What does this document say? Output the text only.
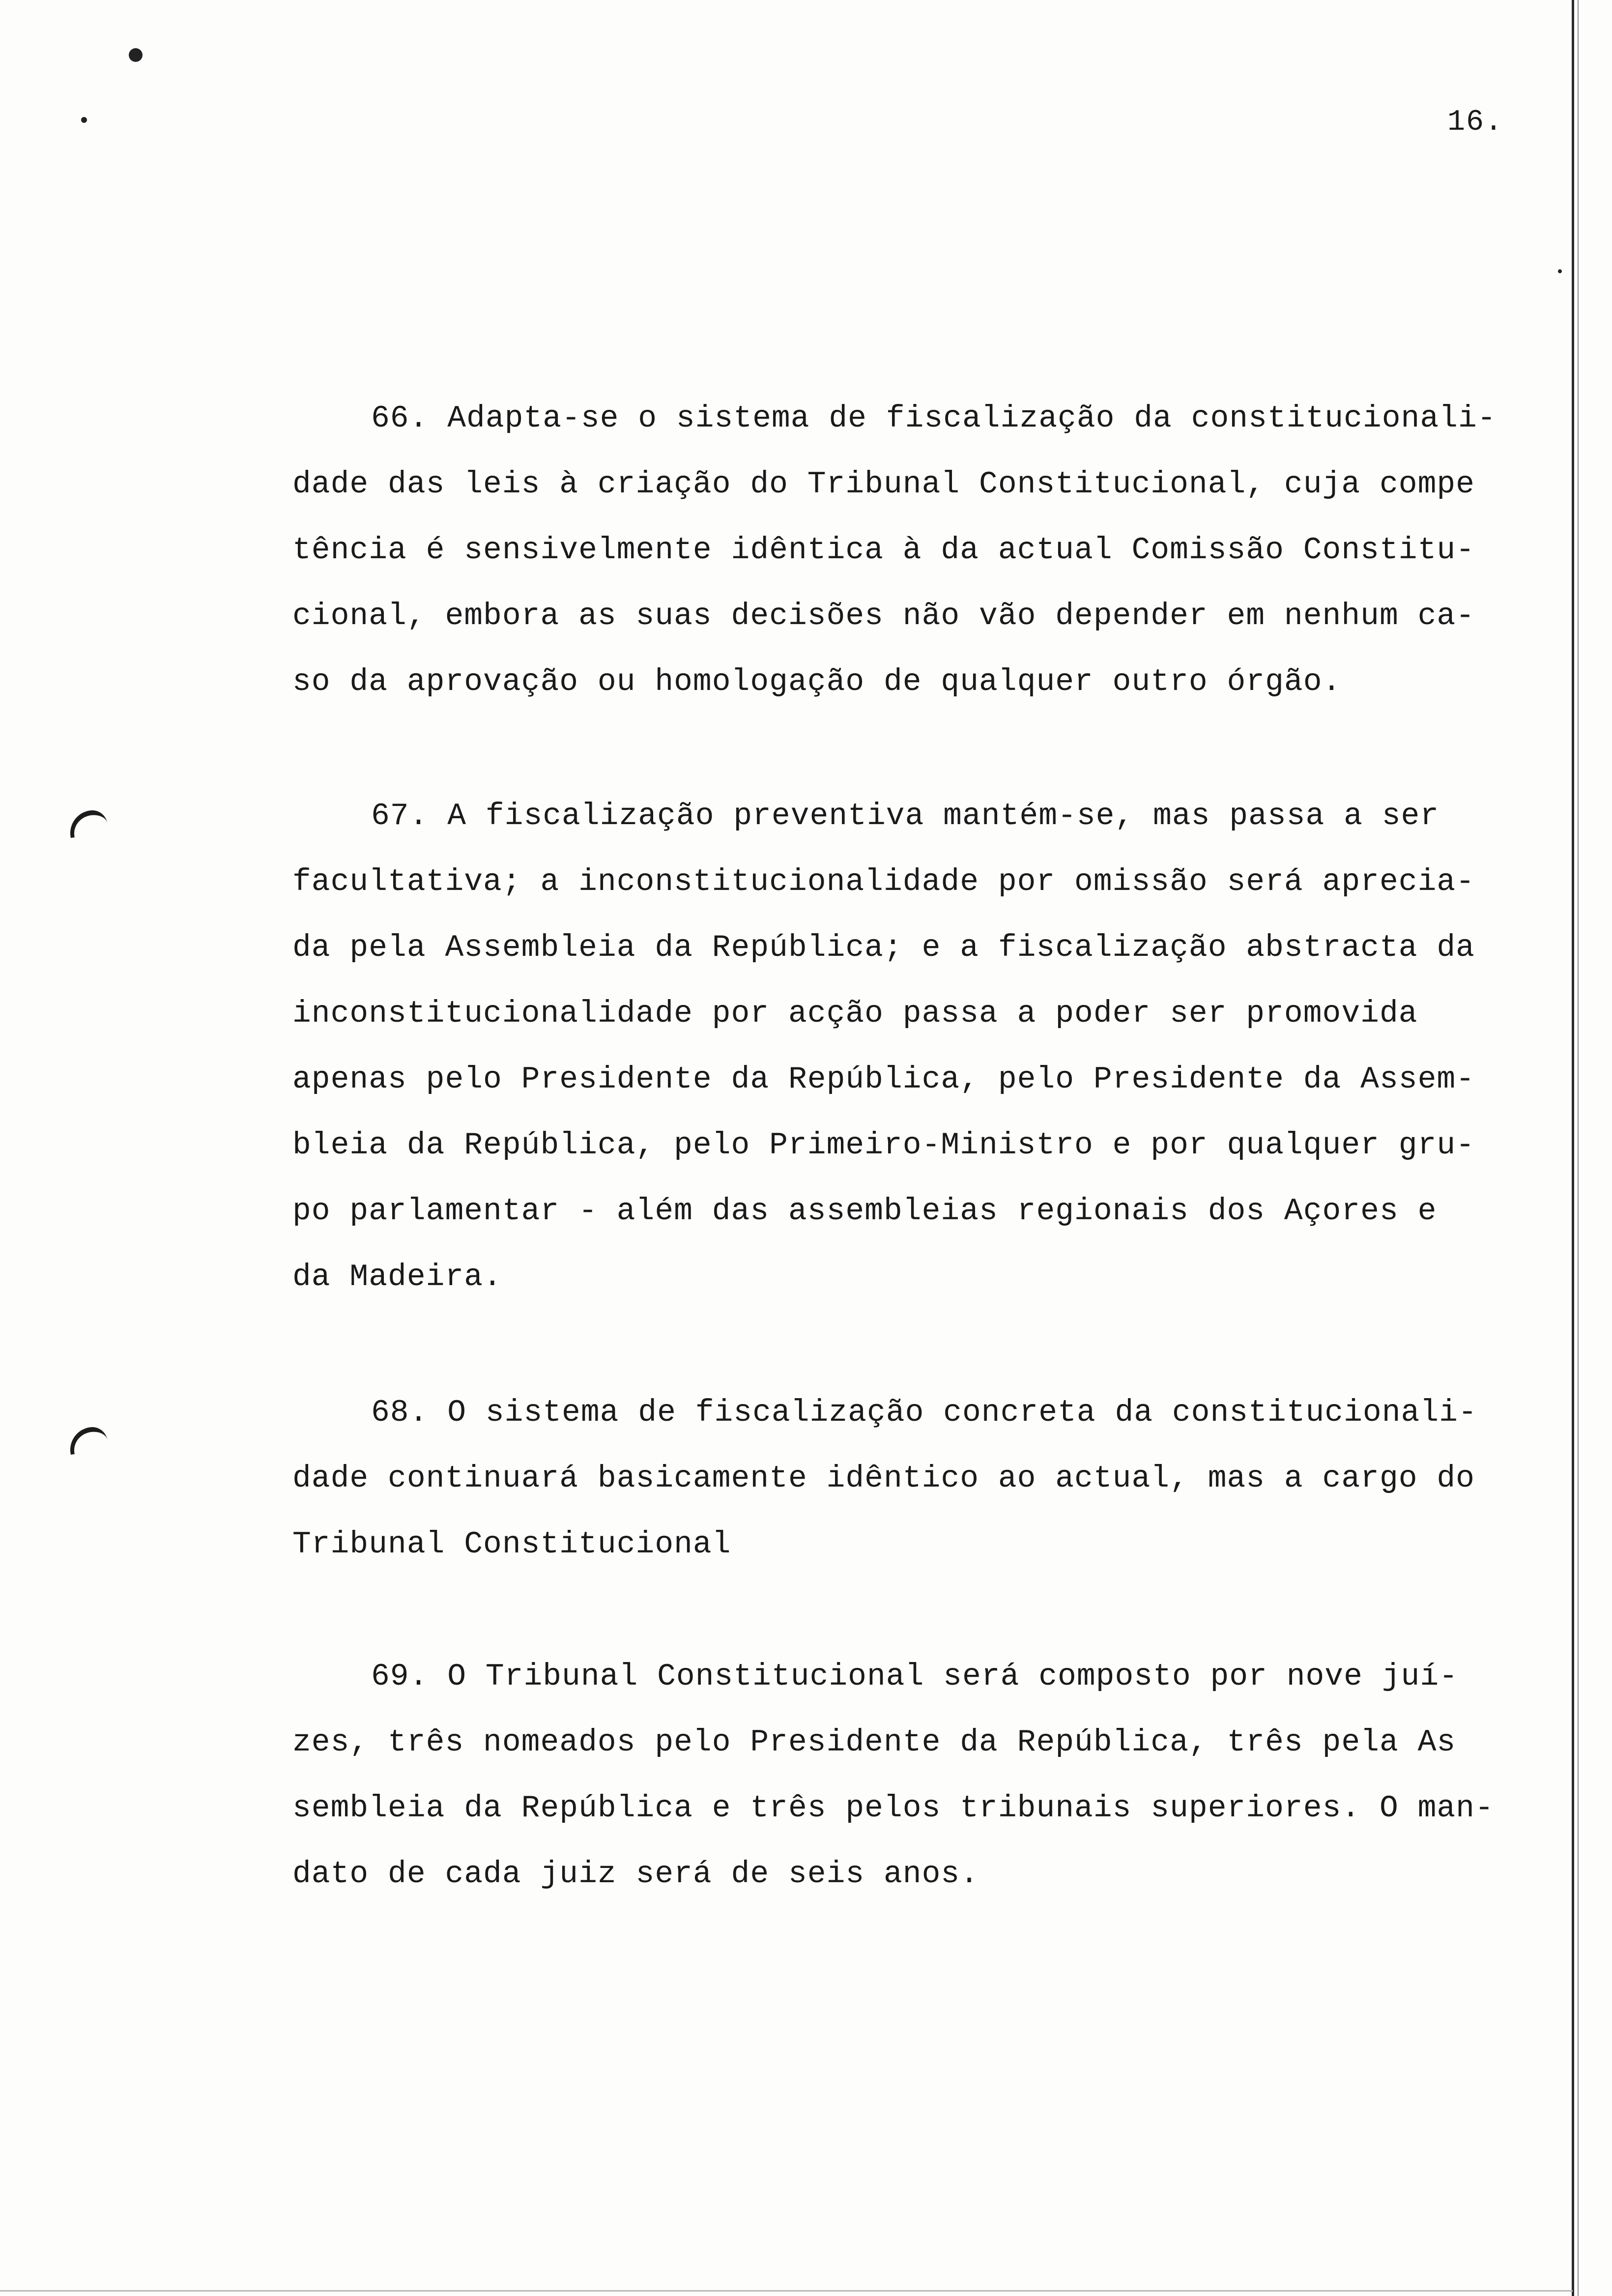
16.
66. Adapta-se o sistema de fiscalização da constitucionali-
dade das leis à criação do Tribunal Constitucional, cuja compe
tência é sensivelmente idêntica à da actual Comissão Constitu-
cional, embora as suas decisões não vão depender em nenhum ca-
so da aprovação ou homologação de qualquer outro órgão.
67. A fiscalização preventiva mantém-se, mas passa a ser
facultativa; a inconstitucionalidade por omissão será aprecia-
da pela Assembleia da República; e a fiscalização abstracta da
inconstitucionalidade por acção passa a poder ser promovida
apenas pelo Presidente da República, pelo Presidente da Assem-
bleia da República, pelo Primeiro-Ministro e por qualquer gru-
po parlamentar - além das assembleias regionais dos Açores e
da Madeira.
68. O sistema de fiscalização concreta da constitucionali-
dade continuará basicamente idêntico ao actual, mas a cargo do
Tribunal Constitucional
69. O Tribunal Constitucional será composto por nove juí-
zes, três nomeados pelo Presidente da República, três pela As
sembleia da República e três pelos tribunais superiores. O man-
dato de cada juiz será de seis anos.
